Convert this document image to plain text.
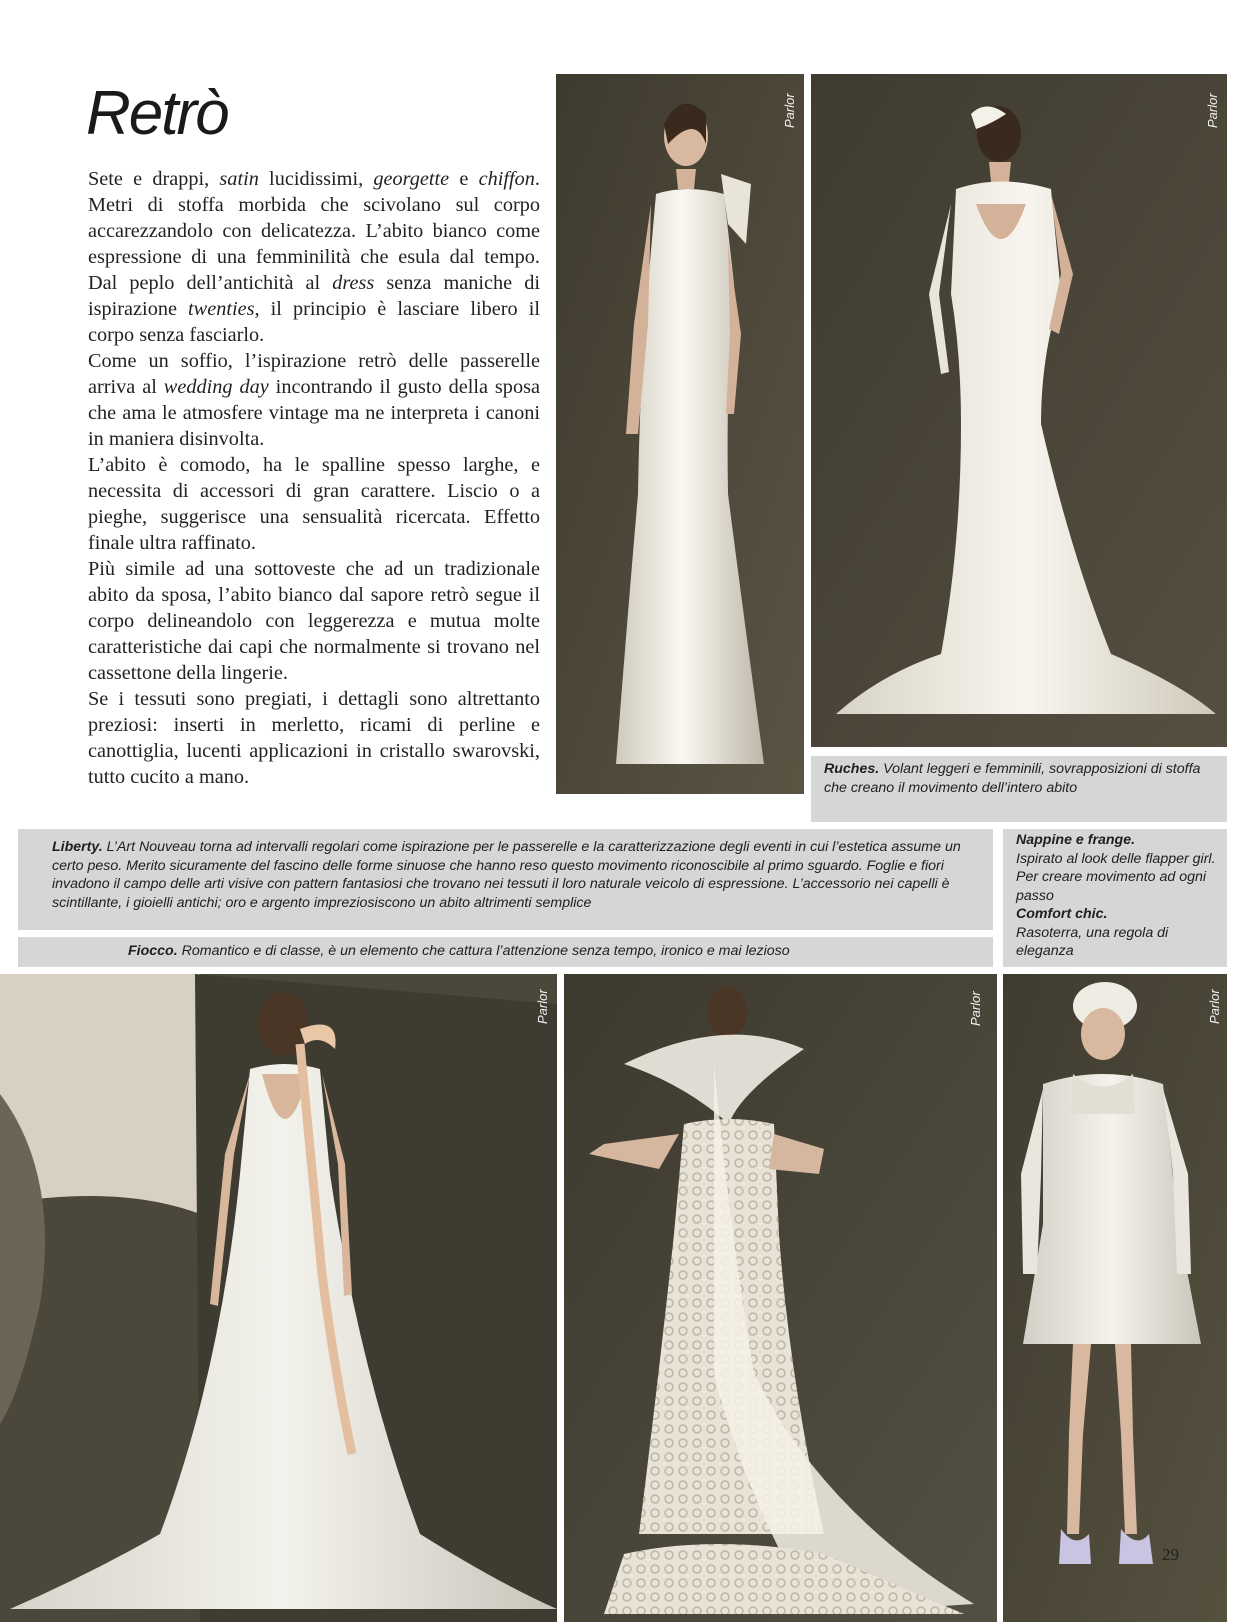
Retrò

Sete e drappi, satin lucidissimi, georgette e chiffon. Metri di stoffa morbida che scivolano sul corpo accarezzandolo con delicatezza. L’abito bianco come espressione di una femminilità che esula dal tempo. Dal peplo dell’antichità al dress senza maniche di ispirazione twenties, il principio è lasciare libero il corpo senza fasciarlo.

Come un soffio, l’ispirazione retrò delle passerelle arriva al wedding day incontrando il gusto della sposa che ama le atmosfere vintage ma ne interpreta i canoni in maniera disinvolta.

L’abito è comodo, ha le spalline spesso larghe, e necessita di accessori di gran carattere. Liscio o a pieghe, suggerisce una sensualità ricercata. Effetto finale ultra raffinato.

Più simile ad una sottoveste che ad un tradizionale abito da sposa, l’abito bianco dal sapore retrò segue il corpo delineandolo con leggerezza e mutua molte caratteristiche dai capi che normalmente si trovano nel cassettone della lingerie.

Se i tessuti sono pregiati, i dettagli sono altrettanto preziosi: inserti in merletto, ricami di perline e canottiglia, lucenti applicazioni in cristallo swarovski, tutto cucito a mano.

Parlor	Parlor
Ruches. Volant leggeri e femminili, sovrapposizioni di stoffa che creano il movimento dell’intero abito
Liberty. L’Art Nouveau torna ad intervalli regolari come ispirazione per le passerelle e la caratterizzazione degli eventi in cui l’estetica assume un certo peso. Merito sicuramente del fascino delle forme sinuose che hanno reso questo movimento riconoscibile al primo sguardo. Foglie e fiori invadono il campo delle arti visive con pattern fantasiosi che trovano nei tessuti il loro naturale veicolo di espressione. L’accessorio nei capelli è scintillante, i gioielli antichi; oro e argento impreziosiscono un abito altrimenti semplice
Fiocco. Romantico e di classe, è un elemento che cattura l’attenzione senza tempo, ironico e mai lezioso
Nappine e frange.
Ispirato al look delle flapper girl. Per creare movimento ad ogni passo
Comfort chic.
Rasoterra, una regola di eleganza
Parlor	Parlor	Parlor
29
